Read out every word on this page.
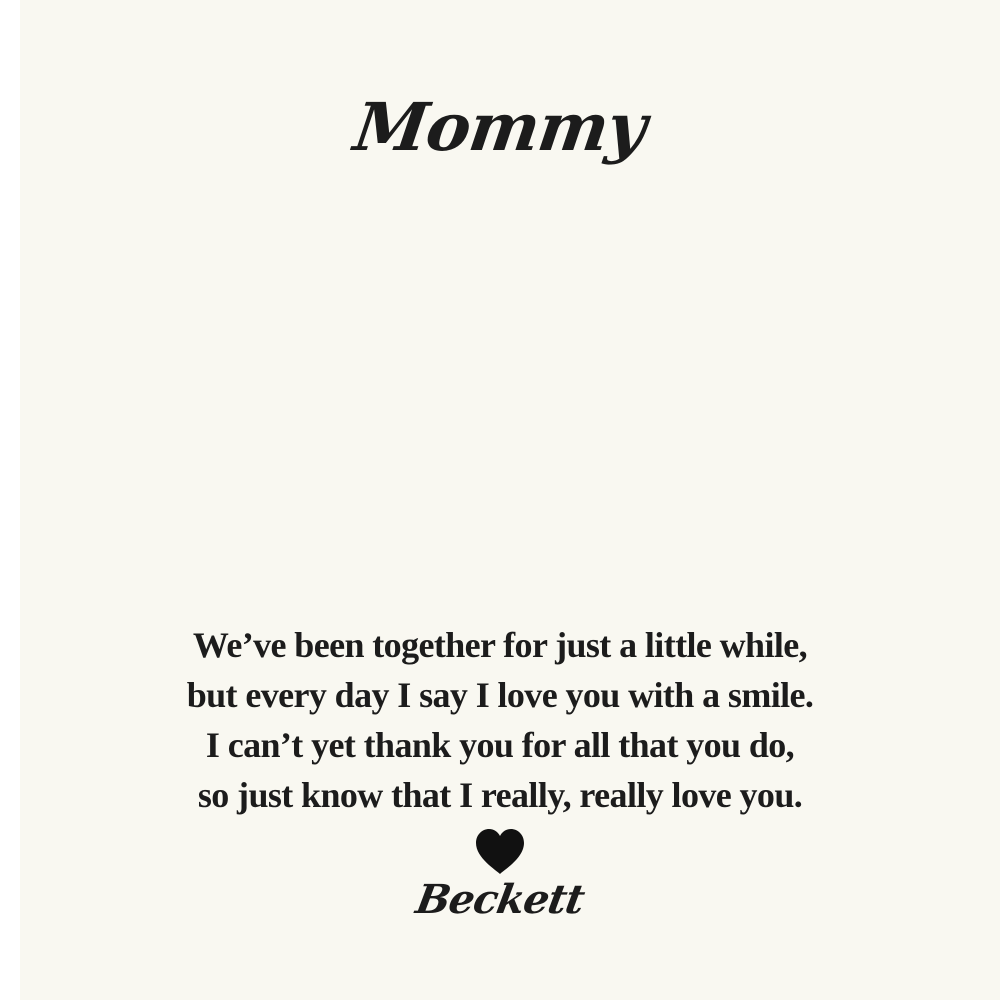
Mommy
We’ve been together for just a little while,
but every day I say I love you with a smile.
I can’t yet thank you for all that you do,
so just know that I really, really love you.
Beckett
